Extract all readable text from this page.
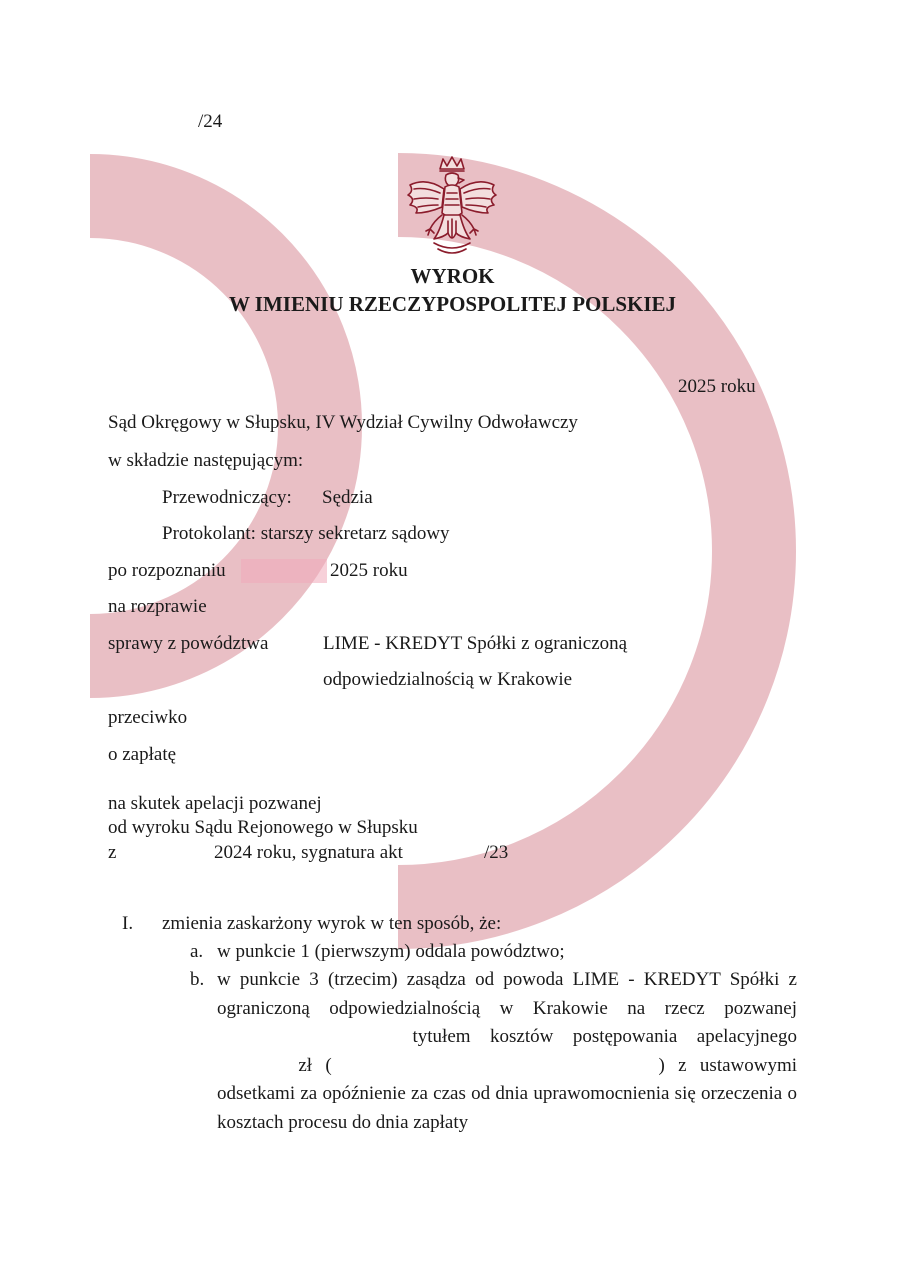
/24
WYROK
W IMIENIU RZECZYPOSPOLITEJ POLSKIEJ
2025 roku
Sąd Okręgowy w Słupsku, IV Wydział Cywilny Odwoławczy
w składzie następującym:
Przewodniczący: Sędzia
Protokolant: starszy sekretarz sądowy
po rozpoznaniu	2025 roku
na rozprawie
sprawy z powództwa	LIME - KREDYT Spółki z ograniczoną
odpowiedzialnością w Krakowie
przeciwko
o zapłatę
na skutek apelacji pozwanej
od wyroku Sądu Rejonowego w Słupsku
z	2024 roku, sygnatura akt	/23
I. zmienia zaskarżony wyrok w ten sposób, że:
a. w punkcie 1 (pierwszym) oddala powództwo;
b. w punkcie 3 (trzecim) zasądza od powoda LIME - KREDYT Spółki z ograniczoną odpowiedzialnością w Krakowie na rzecz pozwanej  tytułem kosztów postępowania apelacyjnego  zł (	) z ustawowymi odsetkami za opóźnienie za czas od dnia uprawomocnienia się orzeczenia o kosztach procesu do dnia zapłaty
